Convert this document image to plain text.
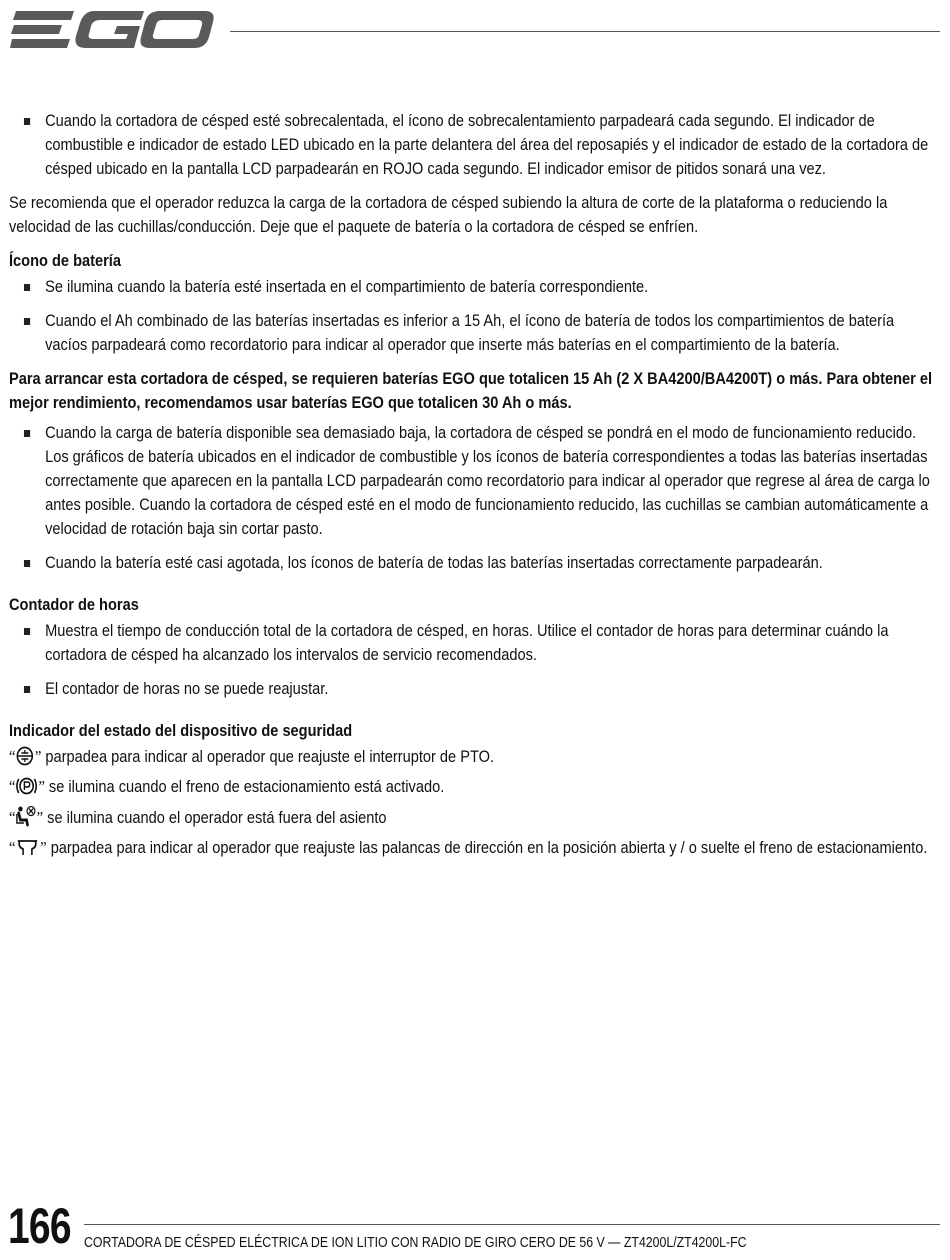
Cuando la cortadora de césped esté sobrecalentada, el ícono de sobrecalentamiento parpadeará cada segundo. El indicador de combustible e indicador de estado LED ubicado en la parte delantera del área del reposapiés y el indicador de estado de la cortadora de césped ubicado en la pantalla LCD parpadearán en ROJO cada segundo. El indicador emisor de pitidos sonará una vez.

Se recomienda que el operador reduzca la carga de la cortadora de césped subiendo la altura de corte de la plataforma o reduciendo la velocidad de las cuchillas/conducción. Deje que el paquete de batería o la cortadora de césped se enfríen.

Ícono de batería

Se ilumina cuando la batería esté insertada en el compartimiento de batería correspondiente.

Cuando el Ah combinado de las baterías insertadas es inferior a 15 Ah, el ícono de batería de todos los compartimientos de batería vacíos parpadeará como recordatorio para indicar al operador que inserte más baterías en el compartimiento de la batería.

Para arrancar esta cortadora de césped, se requieren baterías EGO que totalicen 15 Ah (2 X BA4200/BA4200T) o más. Para obtener el mejor rendimiento, recomendamos usar baterías EGO que totalicen 30 Ah o más.

Cuando la carga de batería disponible sea demasiado baja, la cortadora de césped se pondrá en el modo de funcionamiento reducido. Los gráficos de batería ubicados en el indicador de combustible y los íconos de batería correspondientes a todas las baterías insertadas correctamente que aparecen en la pantalla LCD parpadearán como recordatorio para indicar al operador que regrese al área de carga lo antes posible. Cuando la cortadora de césped esté en el modo de funcionamiento reducido, las cuchillas se cambian automáticamente a velocidad de rotación baja sin cortar pasto.

Cuando la batería esté casi agotada, los íconos de batería de todas las baterías insertadas correctamente parpadearán.

Contador de horas

Muestra el tiempo de conducción total de la cortadora de césped, en horas. Utilice el contador de horas para determinar cuándo la cortadora de césped ha alcanzado los intervalos de servicio recomendados.

El contador de horas no se puede reajustar.

Indicador del estado del dispositivo de seguridad

“ ” parpadea para indicar al operador que reajuste el interruptor de PTO.

“ ” se ilumina cuando el freno de estacionamiento está activado.

“ ” se ilumina cuando el operador está fuera del asiento

“ ” parpadea para indicar al operador que reajuste las palancas de dirección en la posición abierta y / o suelte el freno de estacionamiento.

166 CORTADORA DE CÉSPED ELÉCTRICA DE ION LITIO CON RADIO DE GIRO CERO DE 56 V — ZT4200L/ZT4200L-FC
